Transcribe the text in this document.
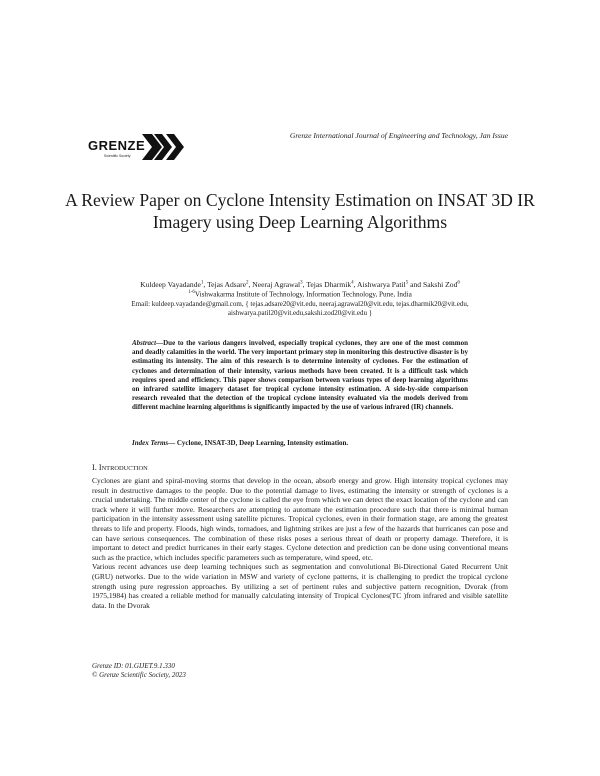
GRENZE
Scientific Society
Grenze International Journal of Engineering and Technology, Jan Issue
A Review Paper on Cyclone Intensity Estimation on INSAT 3D IR Imagery using Deep Learning Algorithms
Kuldeep Vayadande$^1$, Tejas Adsare$^2$, Neeraj Agrawal$^3$, Tejas Dharmik$^4$, Aishwarya Patil$^5$ and Sakshi Zod$^6$
$^{1-6}$Vishwakarma Institute of Technology, Information Technology, Pune, India
Email: kuldeep.vayadande@gmail.com, { tejas.adsare20@vit.edu, neeraj.agrawal20@vit.edu, tejas.dharmik20@vit.edu,
aishwarya.patil20@vit.edu,sakshi.zod20@vit.edu }
Abstract—Due to the various dangers involved, especially tropical cyclones, they are one of the most common and deadly calamities in the world. The very important primary step in monitoring this destructive disaster is by estimating its intensity. The aim of this research is to determine intensity of cyclones. For the estimation of cyclones and determination of their intensity, various methods have been created. It is a difficult task which requires speed and efficiency. This paper shows comparison between various types of deep learning algorithms on infrared satellite imagery dataset for tropical cyclone intensity estimation. A side-by-side comparison research revealed that the detection of the tropical cyclone intensity evaluated via the models derived from different machine learning algorithms is significantly impacted by the use of various infrared (IR) channels.
Index Terms— Cyclone, INSAT-3D, Deep Learning, Intensity estimation.
I. INTRODUCTION

Cyclones are giant and spiral-moving storms that develop in the ocean, absorb energy and grow. High intensity tropical cyclones may result in destructive damages to the people. Due to the potential damage to lives, estimating the intensity or strength of cyclones is a crucial undertaking. The middle center of the cyclone is called the eye from which we can detect the exact location of the cyclone and can track where it will further move. Researchers are attempting to automate the estimation procedure such that there is minimal human participation in the intensity assessment using satellite pictures. Tropical cyclones, even in their formation stage, are among the greatest threats to life and property. Floods, high winds, tornadoes, and lightning strikes are just a few of the hazards that hurricanes can pose and can have serious consequences. The combination of these risks poses a serious threat of death or property damage. Therefore, it is important to detect and predict hurricanes in their early stages. Cyclone detection and prediction can be done using conventional means such as the practice, which includes specific parameters such as temperature, wind speed, etc.

Various recent advances use deep learning techniques such as segmentation and convolutional Bi-Directional Gated Recurrent Unit (GRU) networks. Due to the wide variation in MSW and variety of cyclone patterns, it is challenging to predict the tropical cyclone strength using pure regression approaches. By utilizing a set of pertinent rules and subjective pattern recognition, Dvorak (from 1975,1984) has created a reliable method for manually calculating intensity of Tropical Cyclones(TC )from infrared and visible satellite data. In the Dvorak

Grenze ID: 01.GIJET.9.1.330
© Grenze Scientific Society, 2023
